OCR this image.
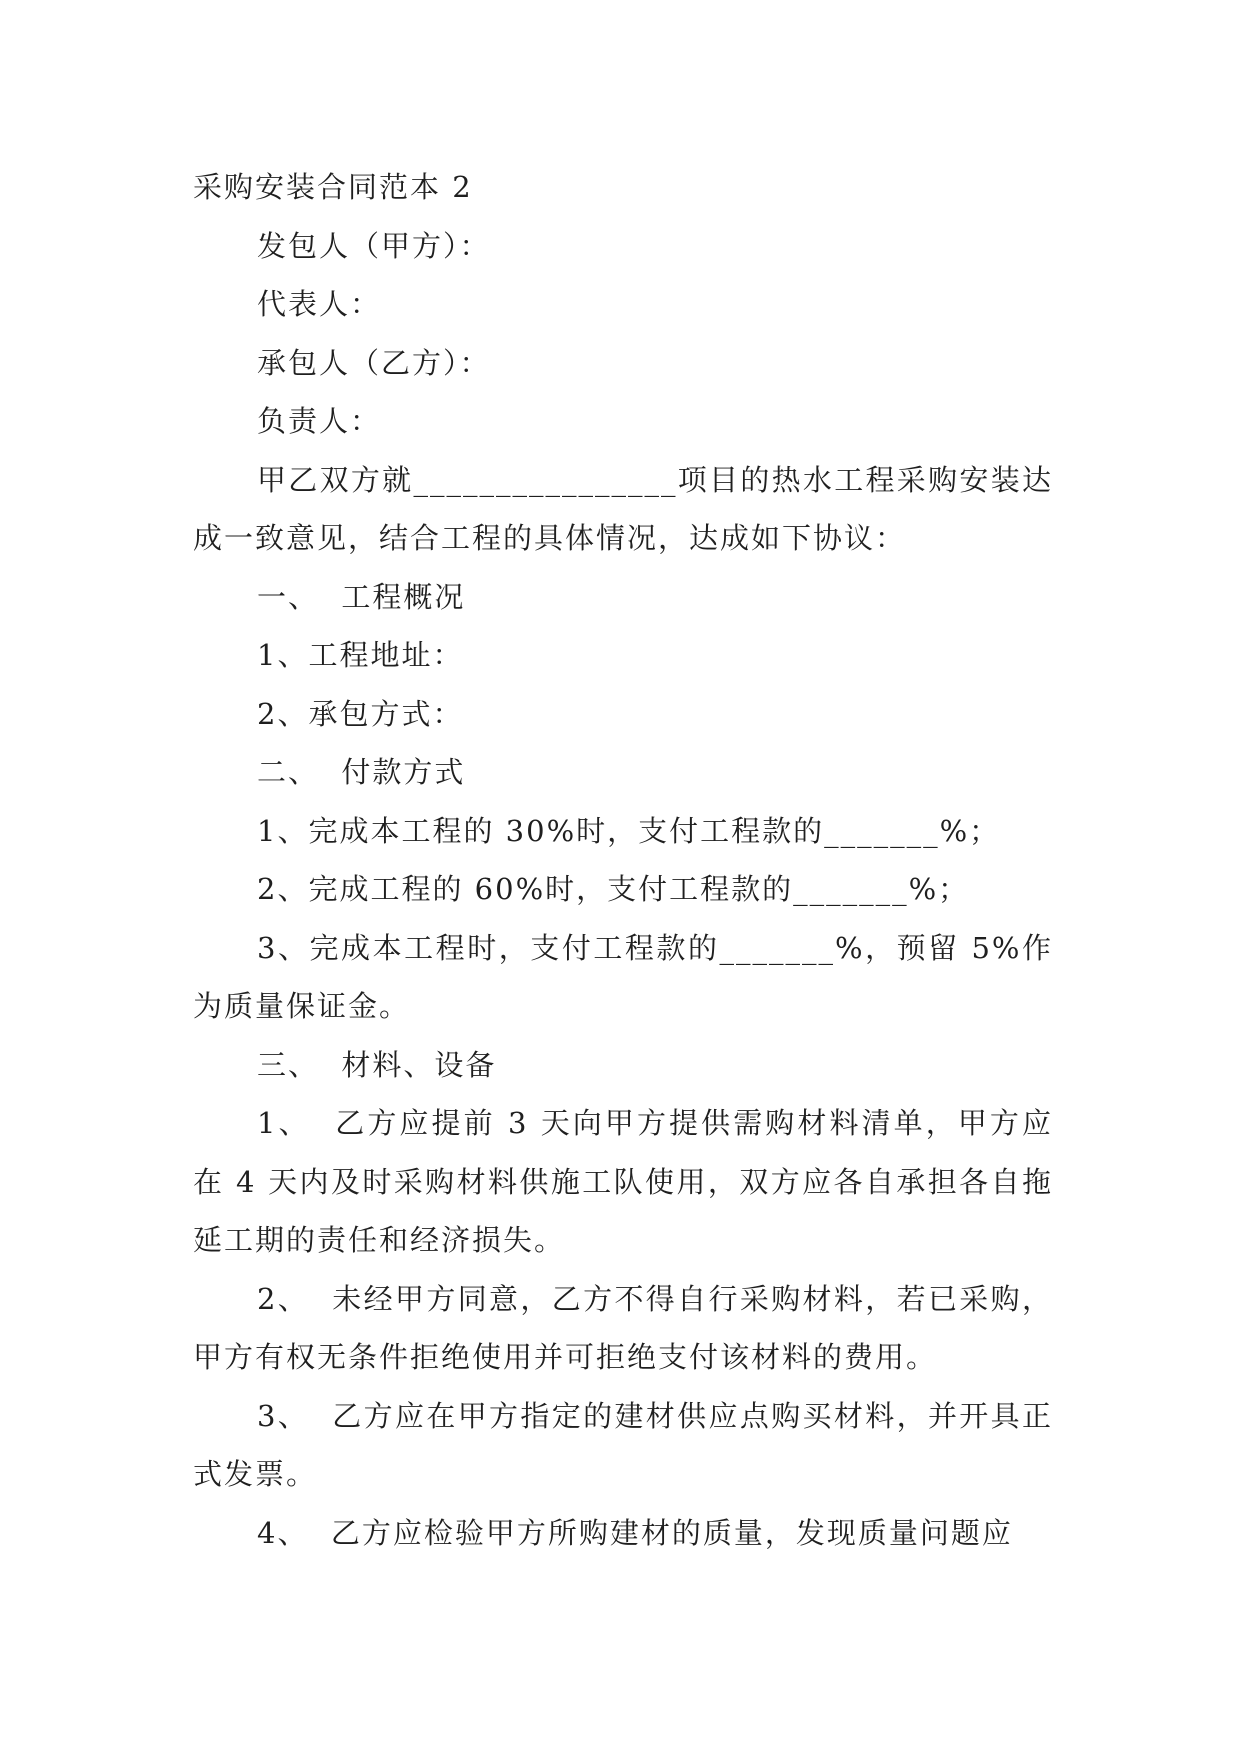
采购安装合同范本 2

发包人（甲方）：

代表人：

承包人（乙方）：

负责人：

甲乙双方就________________项目的热水工程采购安装达成一致意见，结合工程的具体情况，达成如下协议：

一、  工程概况

1、工程地址：

2、承包方式：

二、  付款方式

1、完成本工程的 30%时，支付工程款的_______%；

2、完成工程的 60%时，支付工程款的_______%；

3、完成本工程时，支付工程款的_______%，预留 5%作为质量保证金。

三、  材料、设备

1、  乙方应提前 3 天向甲方提供需购材料清单，甲方应在 4 天内及时采购材料供施工队使用，双方应各自承担各自拖延工期的责任和经济损失。

2、  未经甲方同意，乙方不得自行采购材料，若已采购，甲方有权无条件拒绝使用并可拒绝支付该材料的费用。

3、  乙方应在甲方指定的建材供应点购买材料，并开具正式发票。

4、  乙方应检验甲方所购建材的质量，发现质量问题应
